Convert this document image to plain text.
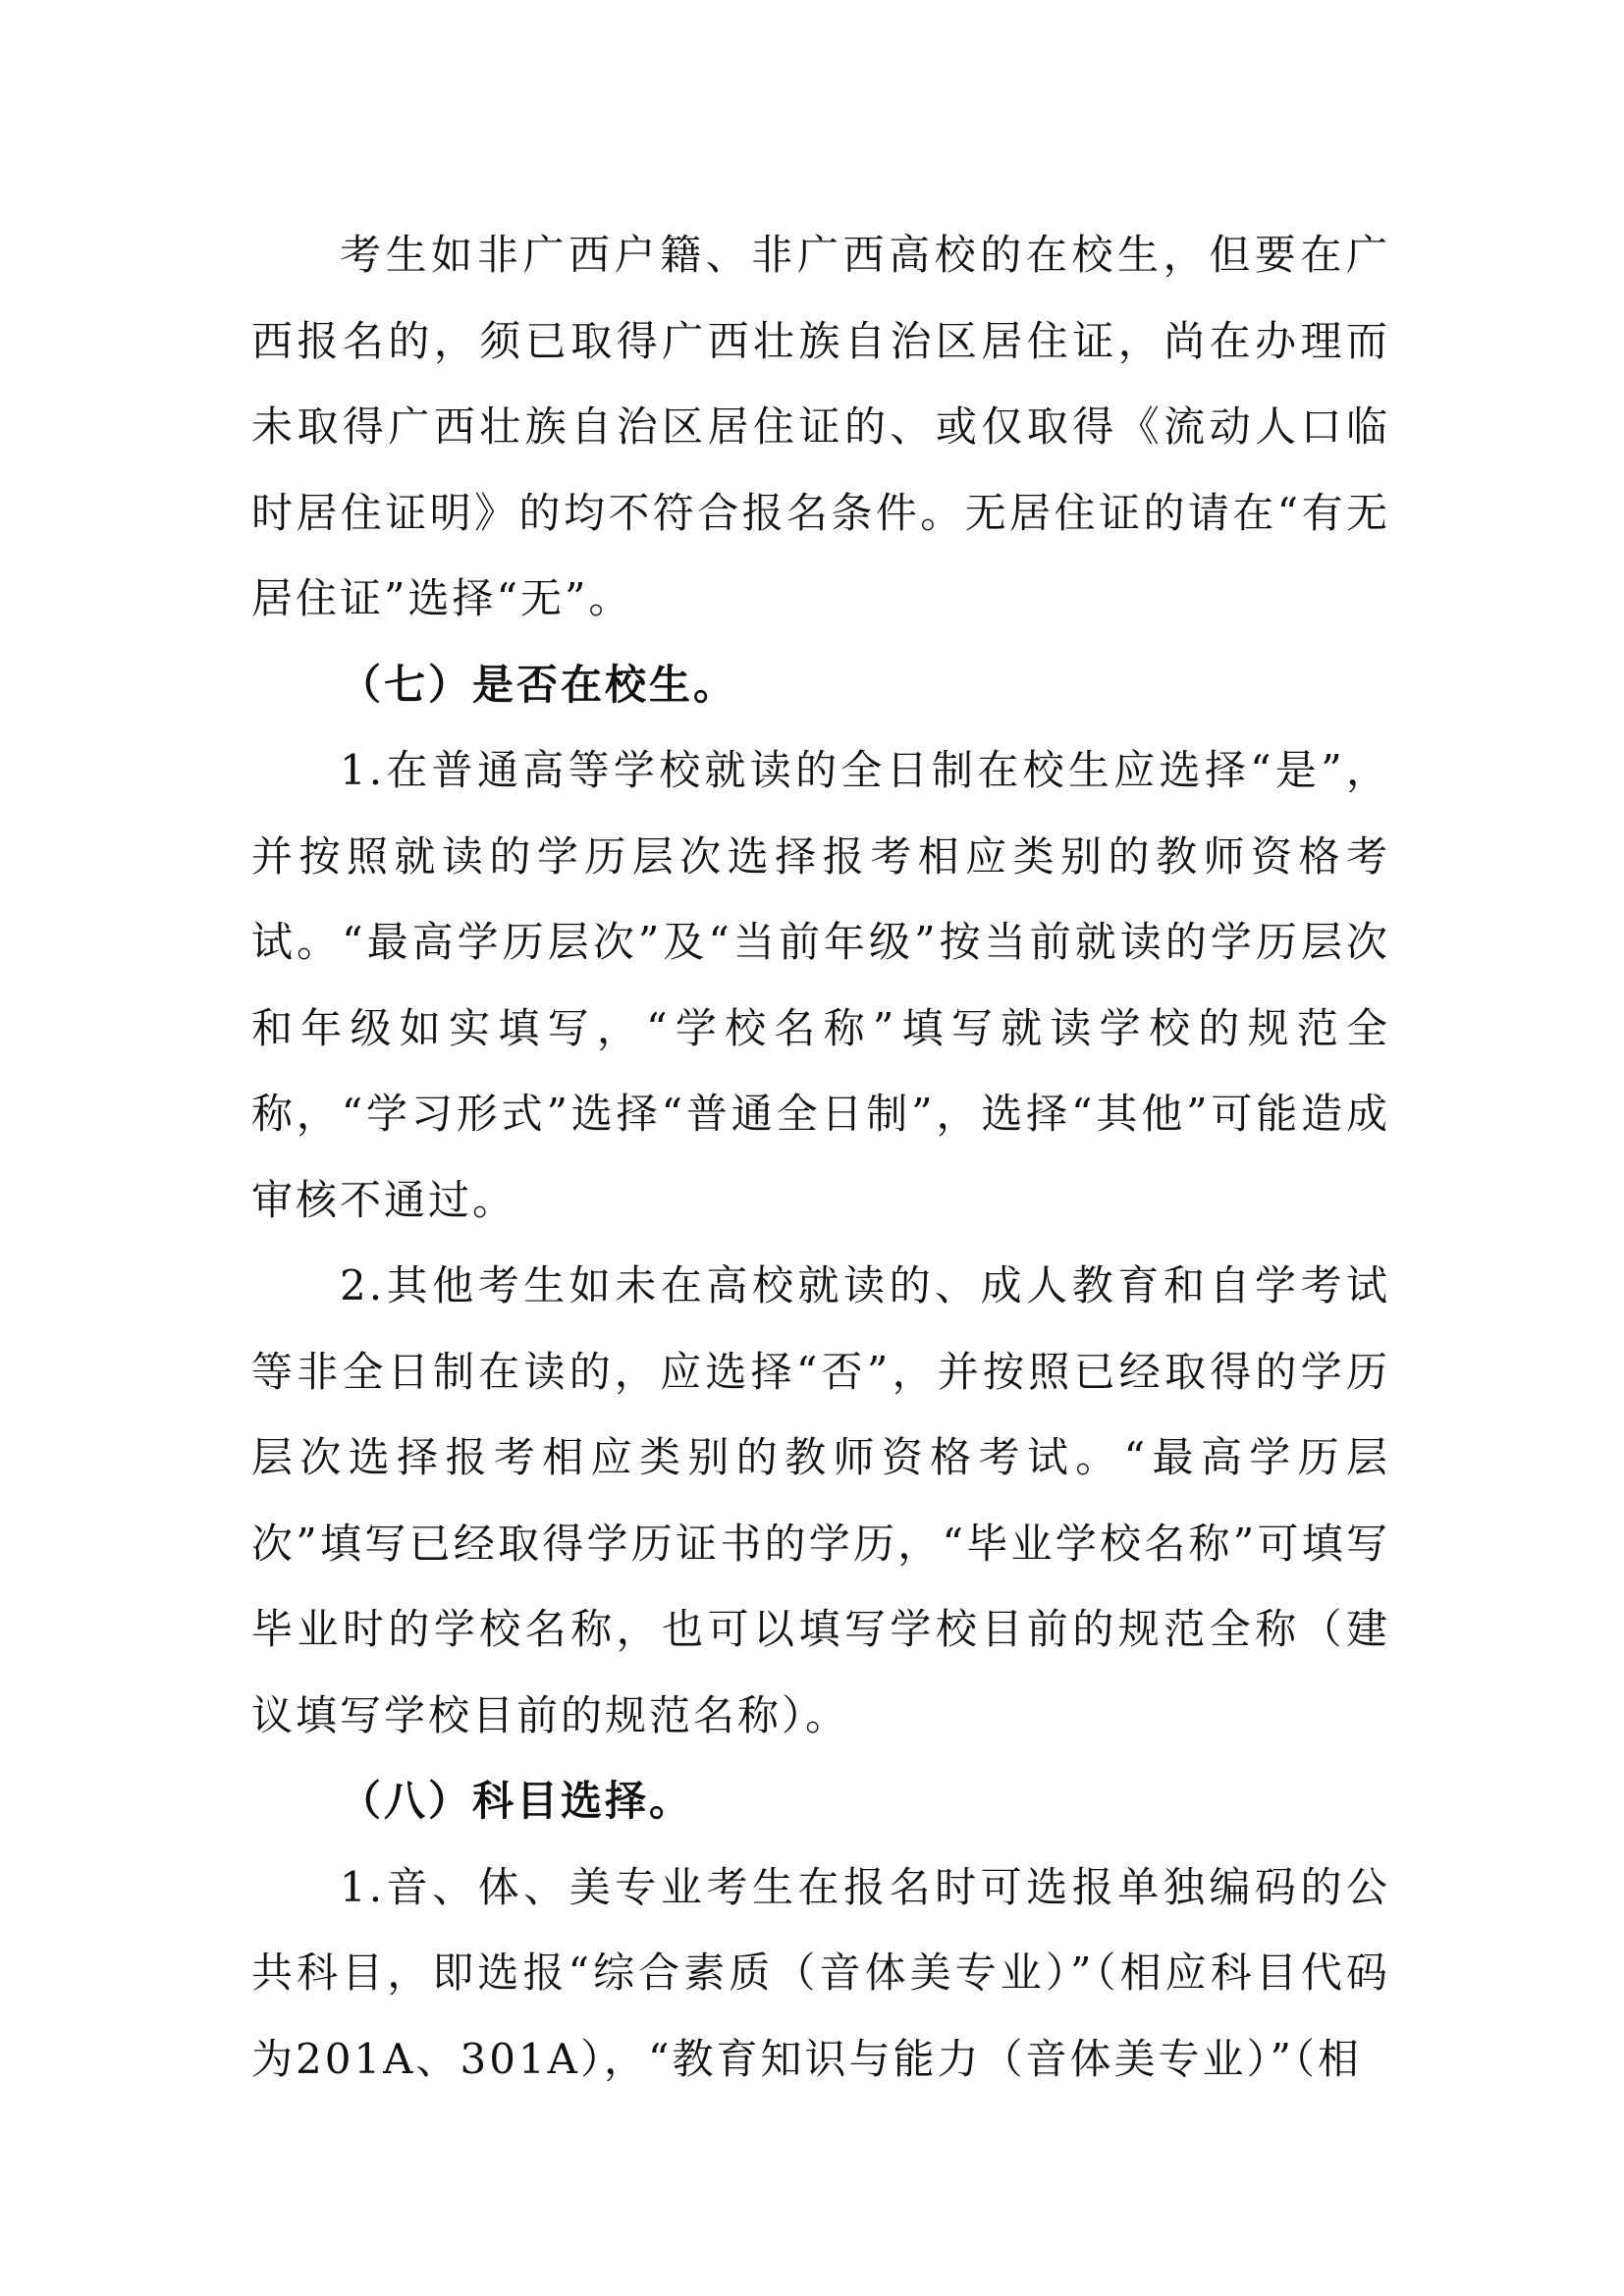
考生如非广西户籍、非广西高校的在校生，但要在广西报名的，须已取得广西壮族自治区居住证，尚在办理而未取得广西壮族自治区居住证的、或仅取得《流动人口临时居住证明》的均不符合报名条件。无居住证的请在“有无居住证”选择“无”。

（七）是否在校生。

1.在普通高等学校就读的全日制在校生应选择“是”，并按照就读的学历层次选择报考相应类别的教师资格考试。“最高学历层次”及“当前年级”按当前就读的学历层次和年级如实填写，“学校名称”填写就读学校的规范全称，“学习形式”选择“普通全日制”，选择“其他”可能造成审核不通过。

2.其他考生如未在高校就读的、成人教育和自学考试等非全日制在读的，应选择“否”，并按照已经取得的学历层次选择报考相应类别的教师资格考试。“最高学历层次”填写已经取得学历证书的学历，“毕业学校名称”可填写毕业时的学校名称，也可以填写学校目前的规范全称（建议填写学校目前的规范名称）。

（八）科目选择。

1.音、体、美专业考生在报名时可选报单独编码的公共科目，即选报“综合素质（音体美专业）”（相应科目代码为201A、301A），“教育知识与能力（音体美专业）”（相
